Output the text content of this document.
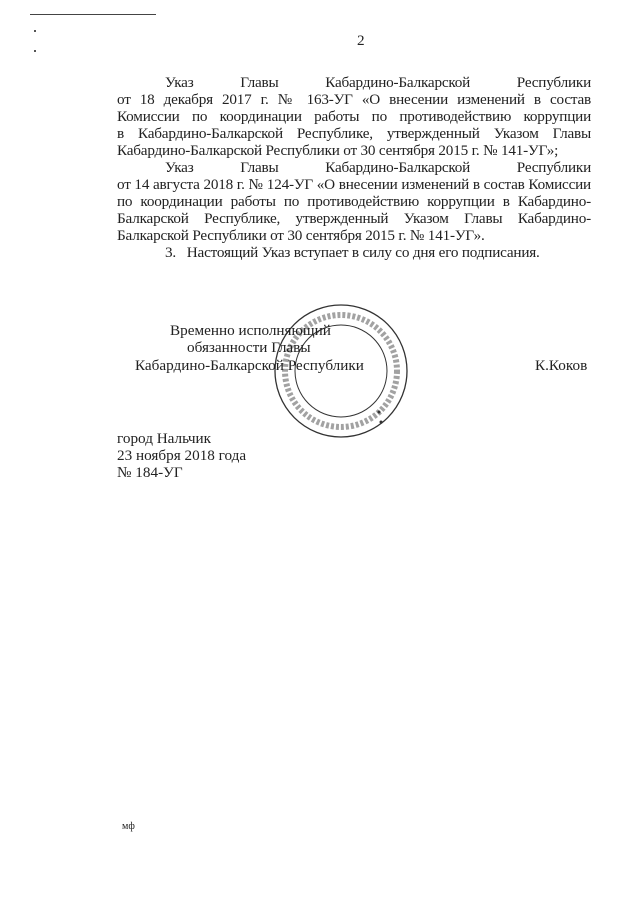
2
Указ Главы Кабардино-Балкарской Республики
от 18 декабря 2017 г. № 163-УГ «О внесении изменений в состав
Комиссии по координации работы по противодействию коррупции
в Кабардино-Балкарской Республике, утвержденный Указом Главы
Кабардино-Балкарской Республики от 30 сентября 2015 г. № 141-УГ»;
Указ Главы Кабардино-Балкарской Республики
от 14 августа 2018 г. № 124-УГ «О внесении изменений в состав Комиссии
по координации работы по противодействию коррупции в Кабардино-
Балкарской Республике, утвержденный Указом Главы Кабардино-
Балкарской Республики от 30 сентября 2015 г. № 141-УГ».
3.   Настоящий Указ вступает в силу со дня его подписания.
Временно исполняющий
обязанности Главы
Кабардино-Балкарской Республики	К.Коков
город Нальчик
23 ноября 2018 года
№ 184-УГ
мф
